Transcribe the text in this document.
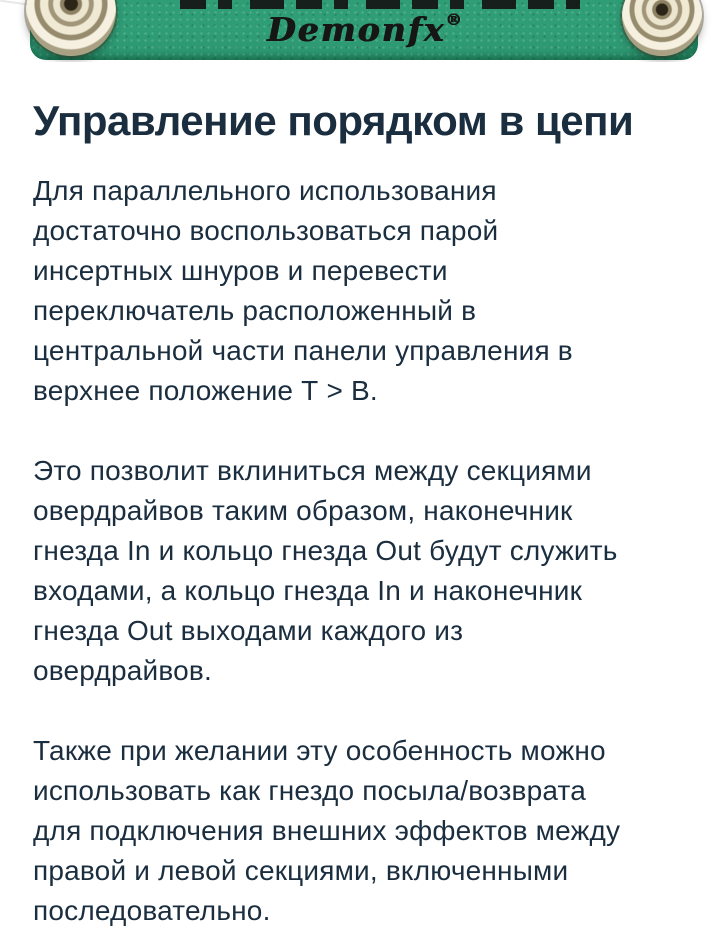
Demonfx®
Управление порядком в цепи

Для параллельного использования
достаточно воспользоваться парой
инсертных шнуров и перевести
переключатель расположенный в
центральной части панели управления в
верхнее положение Т > В.

Это позволит вклиниться между секциями
овердрайвов таким образом, наконечник
гнезда In и кольцо гнезда Out будут служить
входами, а кольцо гнезда In и наконечник
гнезда Out выходами каждого из
овердрайвов.

Также при желании эту особенность можно
использовать как гнездо посыла/возврата
для подключения внешних эффектов между
правой и левой секциями, включенными
последовательно.
